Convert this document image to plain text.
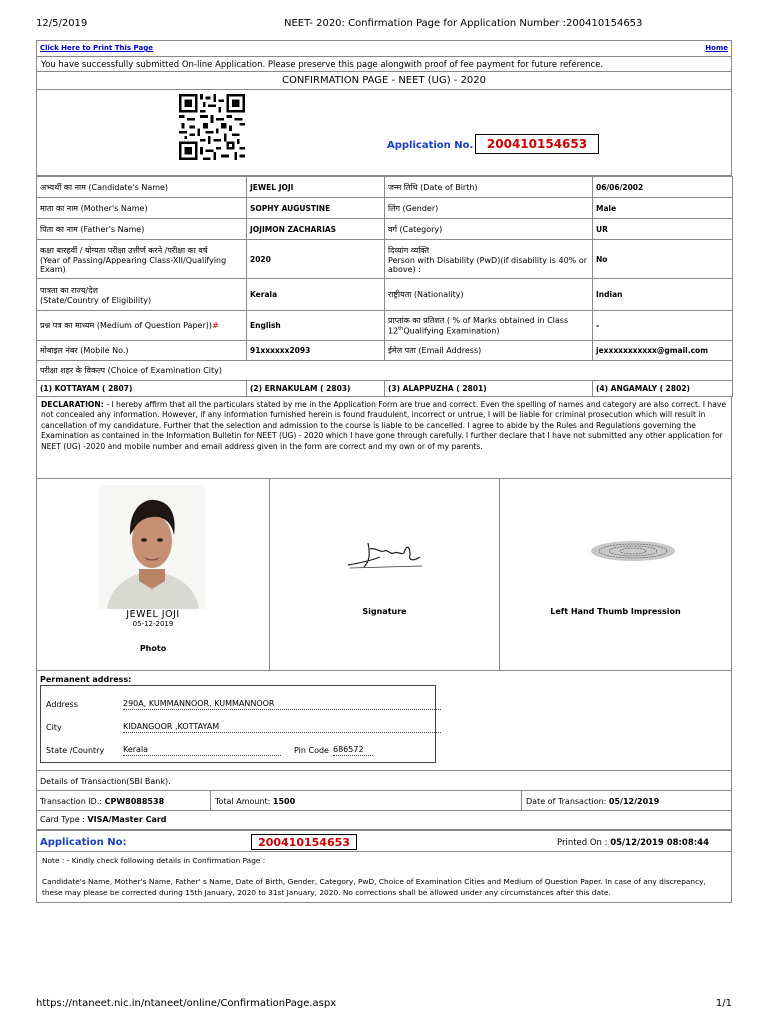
12/5/2019	NEET- 2020: Confirmation Page for Application Number :200410154653
Click Here to Print This Page	Home
You have successfully submitted On-line Application. Please preserve this page alongwith proof of fee payment for future reference.
CONFIRMATION PAGE - NEET (UG) - 2020
Application No.	200410154653
अभ्यर्थी का नाम (Candidate's Name)	JEWEL JOJI	जन्म तिथि (Date of Birth)	06/06/2002
माता का नाम (Mother's Name)	SOPHY AUGUSTINE	लिंग (Gender)	Male
पिता का नाम (Father's Name)	JOJIMON ZACHARIAS	वर्ग (Category)	UR
कक्षा बारहवीं / योग्यता परीक्षा उत्तीर्ण करने /परीक्षा का वर्ष
(Year of Passing/Appearing Class-XII/Qualifying Exam)	2020	दिव्यांग व्यक्ति
Person with Disability (PwD)(if disability is 40% or above) :	No
पात्रता का राज्य/देश
(State/Country of Eligibility)	Kerala	राष्ट्रीयता (Nationality)	Indian
प्रश्न पत्र का माध्यम (Medium of Question Paper))#	English	प्राप्तांक का प्रतिशत ( % of Marks obtained in Class
12thQualifying Examination)	-
मोबाइल नंबर (Mobile No.)	91xxxxxx2093	ईमेल पता (Email Address)	jexxxxxxxxxxx@gmail.com
परीक्षा शहर के विकल्प (Choice of Examination City)			
(1) KOTTAYAM ( 2807)	(2) ERNAKULAM ( 2803)	(3) ALAPPUZHA ( 2801)	(4) ANGAMALY ( 2802)
DECLARATION: - I hereby affirm that all the particulars stated by me in the Application Form are true and correct. Even the spelling of names and category are also correct. I have not concealed any information. However, if any information furnished herein is found fraudulent, incorrect or untrue, I will be liable for criminal prosecution which will result in cancellation of my candidature. Further that the selection and admission to the course is liable to be cancelled. I agree to abide by the Rules and Regulations governing the Examination as contained in the Information Bulletin for NEET (UG) - 2020 which I have gone through carefully. I further declare that I have not submitted any other application for NEET (UG) -2020 and mobile number and email address given in the form are correct and my own or of my parents.
JEWEL JOJI
05-12-2019
Photo
Signature	Left Hand Thumb Impression
Permanent address:
Address	290A, KUMMANNOOR, KUMMANNOOR
City	KIDANGOOR ,KOTTAYAM
State /Country Kerala	Pin Code 686572
Details of Transaction(SBI Bank).
Transaction ID.: CPW8088538	Total Amount: 1500	Date of Transaction: 05/12/2019
Card Type : VISA/Master Card
Application No:	200410154653	Printed On : 05/12/2019 08:08:44
Note : - Kindly check following details in Confirmation Page :
Candidate's Name, Mother's Name, Father' s Name, Date of Birth, Gender, Category, PwD, Choice of Examination Cities and Medium of Question Paper. In case of any discrepancy, these may please be corrected during 15th January, 2020 to 31st January, 2020. No corrections shall be allowed under any circumstances after this date.
https://ntaneet.nic.in/ntaneet/online/ConfirmationPage.aspx	1/1
